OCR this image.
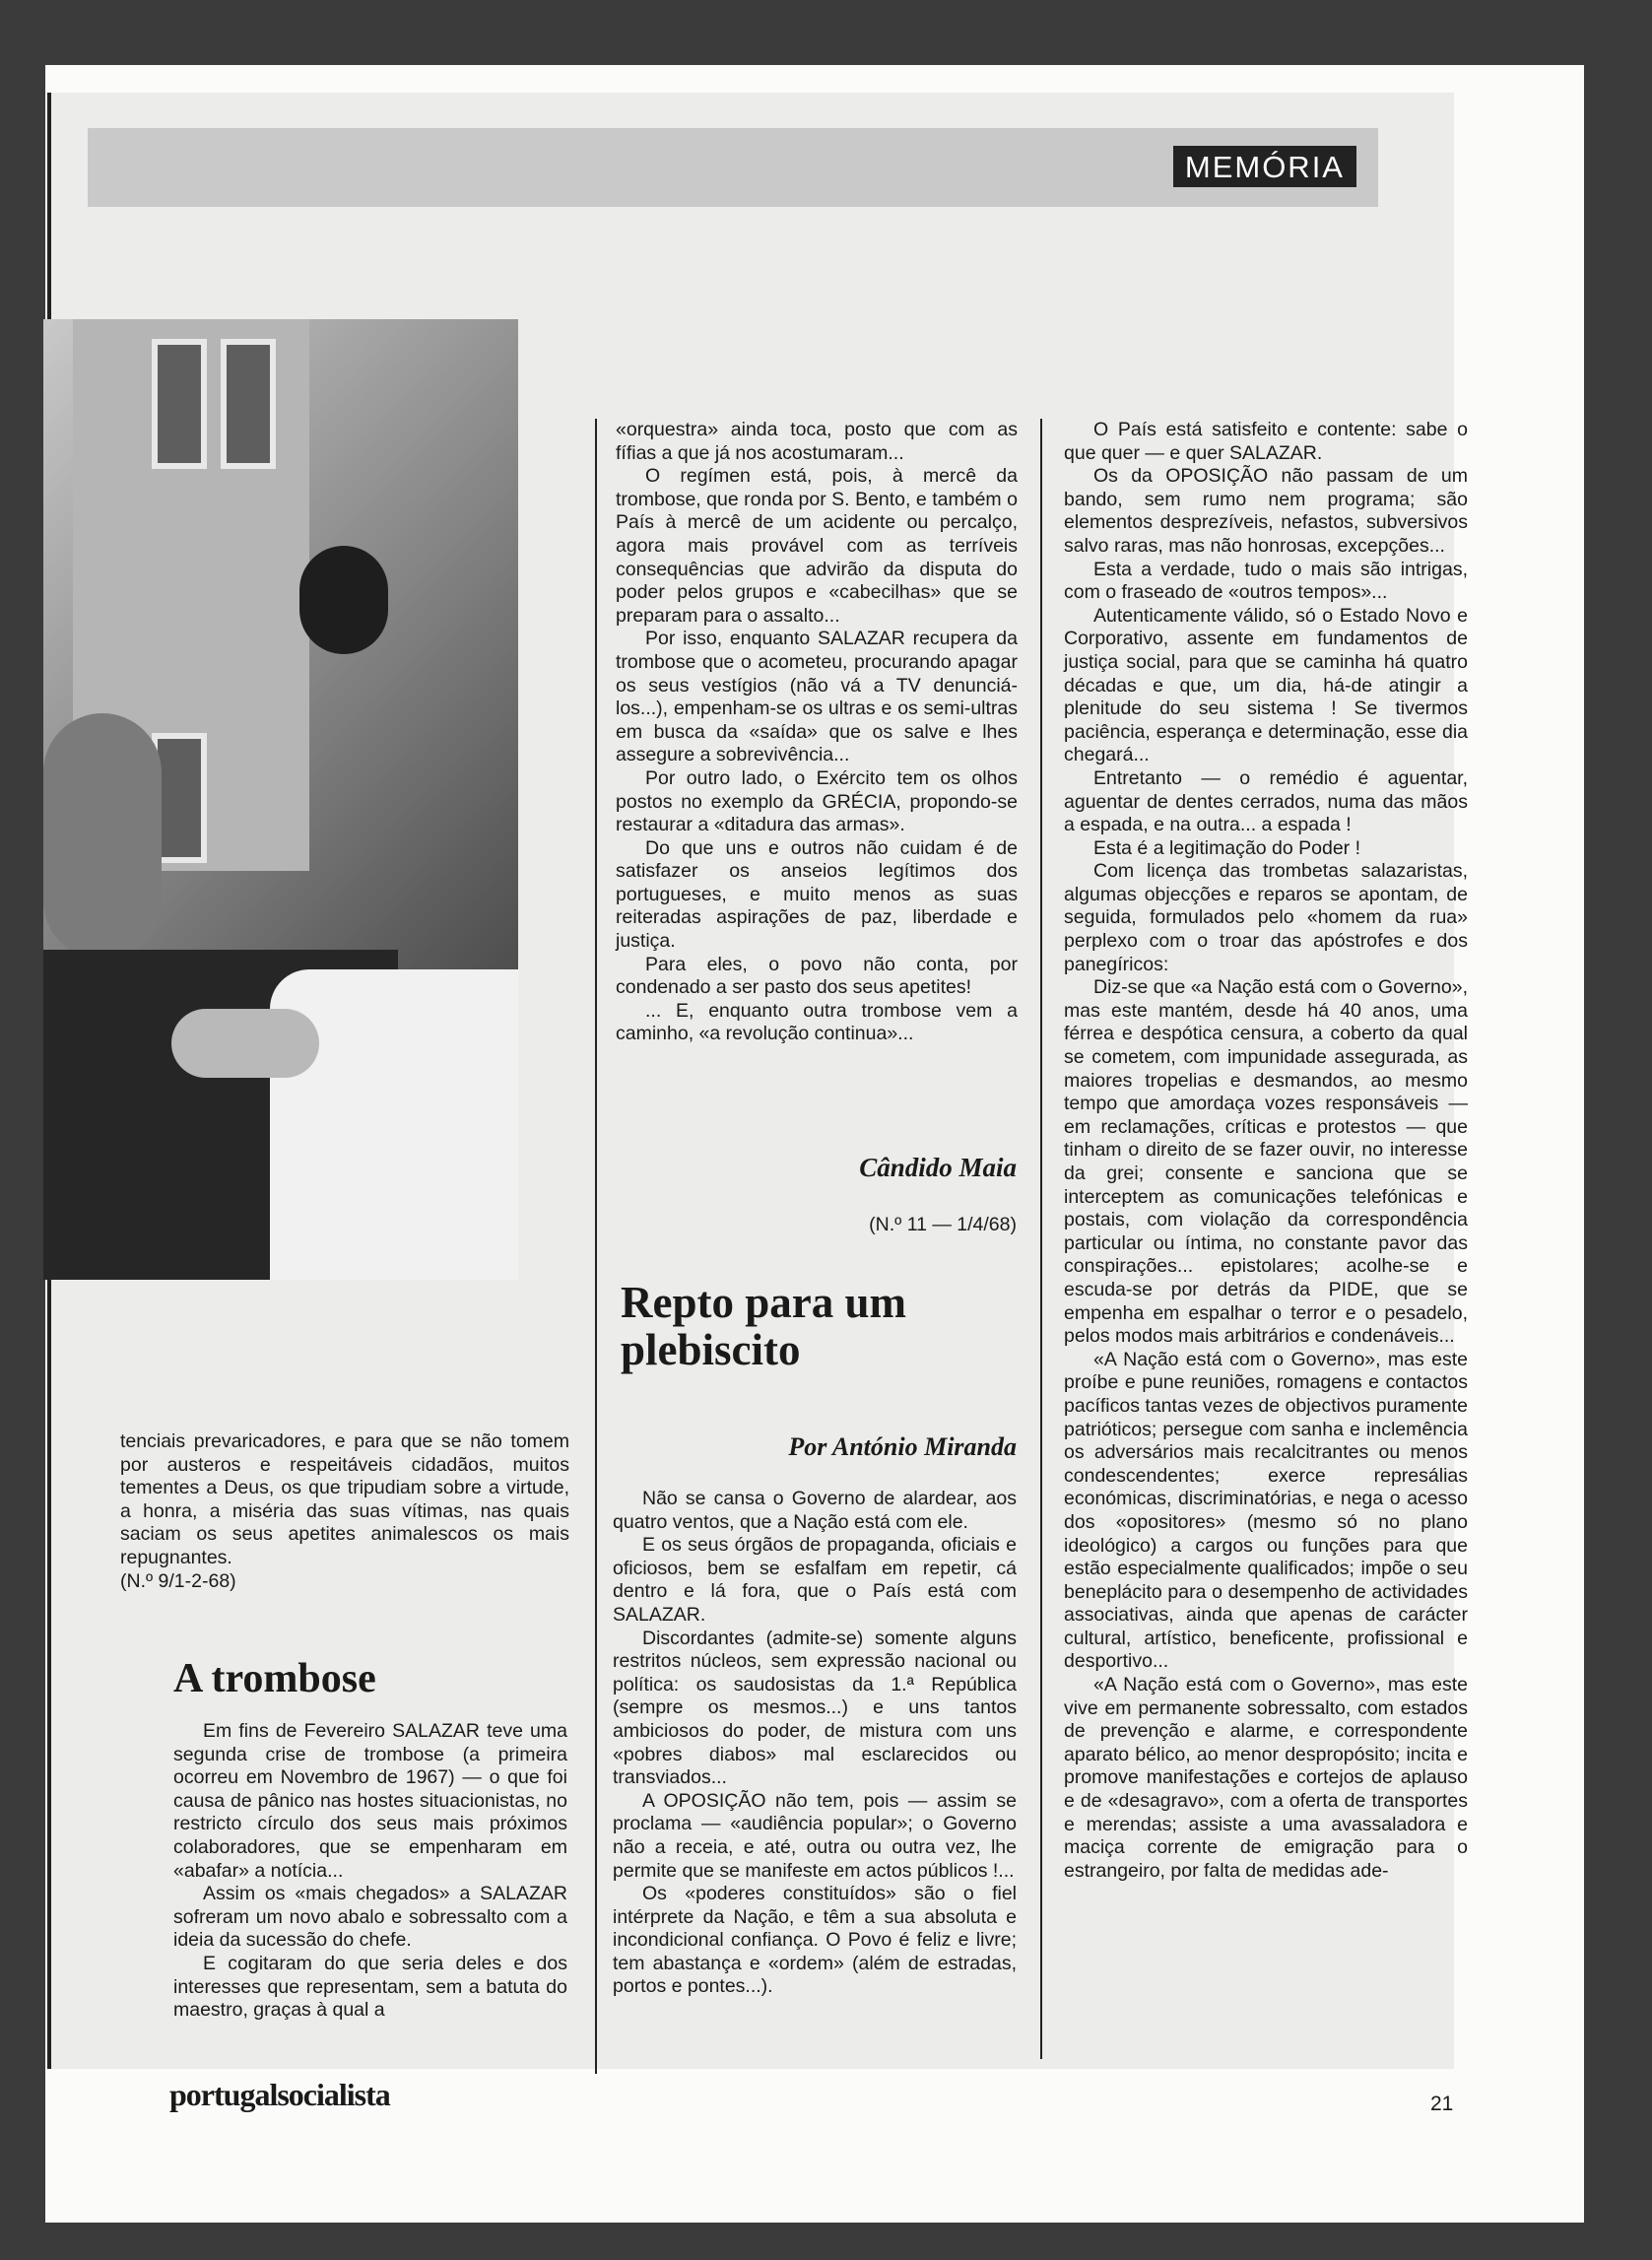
MEMÓRIA

tenciais prevaricadores, e para que se não tomem por austeros e respeitáveis cidadãos, muitos tementes a Deus, os que tripudiam sobre a virtude, a honra, a miséria das suas vítimas, nas quais saciam os seus apetites animalescos os mais repugnantes.

(N.º 9/1-2-68)

A trombose

Em fins de Fevereiro SALAZAR teve uma segunda crise de trombose (a primeira ocorreu em Novembro de 1967) — o que foi causa de pânico nas hostes situacionistas, no restricto círculo dos seus mais próximos colaboradores, que se empenharam em «abafar» a notícia...

Assim os «mais chegados» a SALAZAR sofreram um novo abalo e sobressalto com a ideia da sucessão do chefe.

E cogitaram do que seria deles e dos interesses que representam, sem a batuta do maestro, graças à qual a

«orquestra» ainda toca, posto que com as fífias a que já nos acostumaram...

O regímen está, pois, à mercê da trombose, que ronda por S. Bento, e também o País à mercê de um acidente ou percalço, agora mais provável com as terríveis consequências que advirão da disputa do poder pelos grupos e «cabecilhas» que se preparam para o assalto...

Por isso, enquanto SALAZAR recupera da trombose que o acometeu, procurando apagar os seus vestígios (não vá a TV denunciá-los...), empenham-se os ultras e os semi-ultras em busca da «saída» que os salve e lhes assegure a sobrevivência...

Por outro lado, o Exército tem os olhos postos no exemplo da GRÉCIA, propondo-se restaurar a «ditadura das armas».

Do que uns e outros não cuidam é de satisfazer os anseios legítimos dos portugueses, e muito menos as suas reiteradas aspirações de paz, liberdade e justiça.

Para eles, o povo não conta, por condenado a ser pasto dos seus apetites!

... E, enquanto outra trombose vem a caminho, «a revolução continua»...

Cândido Maia
(N.º 11 — 1/4/68)
Repto para um plebiscito
Por António Miranda

Não se cansa o Governo de alardear, aos quatro ventos, que a Nação está com ele.

E os seus órgãos de propaganda, oficiais e oficiosos, bem se esfalfam em repetir, cá dentro e lá fora, que o País está com SALAZAR.

Discordantes (admite-se) somente alguns restritos núcleos, sem expressão nacional ou política: os saudosistas da 1.ª República (sempre os mesmos...) e uns tantos ambiciosos do poder, de mistura com uns «pobres diabos» mal esclarecidos ou transviados...

A OPOSIÇÃO não tem, pois — assim se proclama — «audiência popular»; o Governo não a receia, e até, outra ou outra vez, lhe permite que se manifeste em actos públicos !...

Os «poderes constituídos» são o fiel intérprete da Nação, e têm a sua absoluta e incondicional confiança. O Povo é feliz e livre; tem abastança e «ordem» (além de estradas, portos e pontes...).

O País está satisfeito e contente: sabe o que quer — e quer SALAZAR.

Os da OPOSIÇÃO não passam de um bando, sem rumo nem programa; são elementos desprezíveis, nefastos, subversivos salvo raras, mas não honrosas, excepções...

Esta a verdade, tudo o mais são intrigas, com o fraseado de «outros tempos»...

Autenticamente válido, só o Estado Novo e Corporativo, assente em fundamentos de justiça social, para que se caminha há quatro décadas e que, um dia, há-de atingir a plenitude do seu sistema ! Se tivermos paciência, esperança e determinação, esse dia chegará...

Entretanto — o remédio é aguentar, aguentar de dentes cerrados, numa das mãos a espada, e na outra... a espada !

Esta é a legitimação do Poder !

Com licença das trombetas salazaristas, algumas objecções e reparos se apontam, de seguida, formulados pelo «homem da rua» perplexo com o troar das apóstrofes e dos panegíricos:

Diz-se que «a Nação está com o Governo», mas este mantém, desde há 40 anos, uma férrea e despótica censura, a coberto da qual se cometem, com impunidade assegurada, as maiores tropelias e desmandos, ao mesmo tempo que amordaça vozes responsáveis — em reclamações, críticas e protestos — que tinham o direito de se fazer ouvir, no interesse da grei; consente e sanciona que se interceptem as comunicações telefónicas e postais, com violação da correspondência particular ou íntima, no constante pavor das conspirações... epistolares; acolhe-se e escuda-se por detrás da PIDE, que se empenha em espalhar o terror e o pesadelo, pelos modos mais arbitrários e condenáveis...

«A Nação está com o Governo», mas este proíbe e pune reuniões, romagens e contactos pacíficos tantas vezes de objectivos puramente patrióticos; persegue com sanha e inclemência os adversários mais recalcitrantes ou menos condescendentes; exerce represálias económicas, discriminatórias, e nega o acesso dos «opositores» (mesmo só no plano ideológico) a cargos ou funções para que estão especialmente qualificados; impõe o seu beneplácito para o desempenho de actividades associativas, ainda que apenas de carácter cultural, artístico, beneficente, profissional e desportivo...

«A Nação está com o Governo», mas este vive em permanente sobressalto, com estados de prevenção e alarme, e correspondente aparato bélico, ao menor despropósito; incita e promove manifestações e cortejos de aplauso e de «desagravo», com a oferta de transportes e merendas; assiste a uma avassaladora e maciça corrente de emigração para o estrangeiro, por falta de medidas ade-

portugalsocialista	21
